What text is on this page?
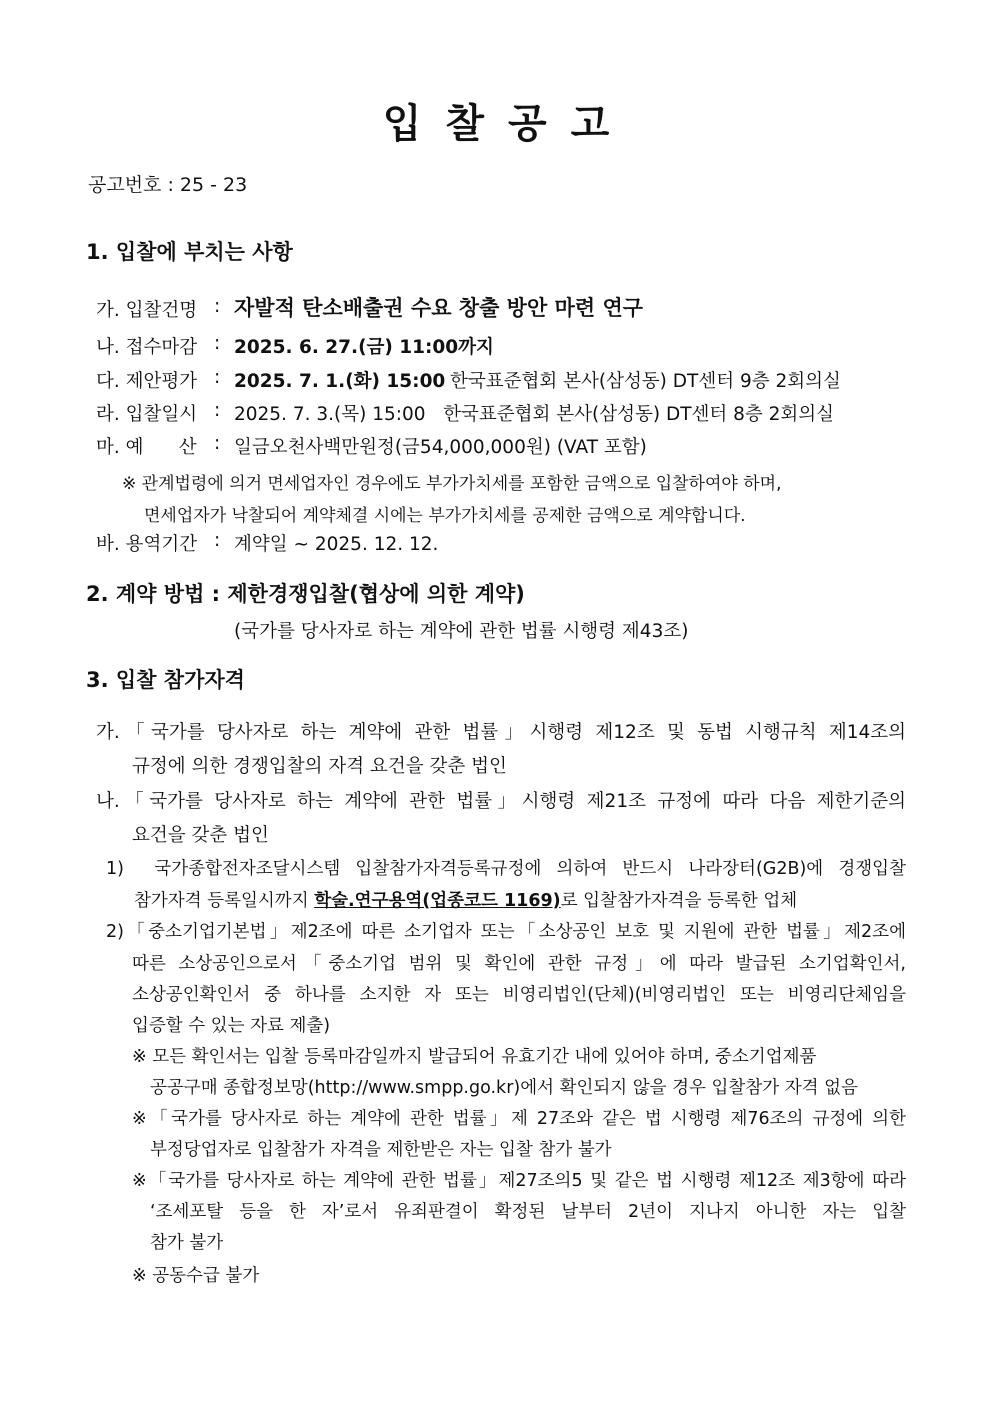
입 찰 공 고
공고번호 : 25 - 23
1. 입찰에 부치는 사항
가. 입찰건명 : 자발적 탄소배출권 수요 창출 방안 마련 연구
나. 접수마감 : 2025. 6. 27.(금) 11:00까지
다. 제안평가 : 2025. 7. 1.(화) 15:00 한국표준협회 본사(삼성동) DT센터 9층 2회의실
라. 입찰일시 : 2025. 7. 3.(목) 15:00   한국표준협회 본사(삼성동) DT센터 8층 2회의실
마. 예      산 : 일금오천사백만원정(금54,000,000원) (VAT 포함)
※ 관계법령에 의거 면세업자인 경우에도 부가가치세를 포함한 금액으로 입찰하여야 하며,
면세업자가 낙찰되어 계약체결 시에는 부가가치세를 공제한 금액으로 계약합니다.
바. 용역기간 : 계약일 ~ 2025. 12. 12.
2. 계약 방법 : 제한경쟁입찰(협상에 의한 계약)
(국가를 당사자로 하는 계약에 관한 법률 시행령 제43조)
3. 입찰 참가자격
가.「국가를 당사자로 하는 계약에 관한 법률」시행령 제12조 및 동법 시행규칙 제14조의
규정에 의한 경쟁입찰의 자격 요건을 갖춘 법인
나.「국가를 당사자로 하는 계약에 관한 법률」시행령 제21조 규정에 따라 다음 제한기준의
요건을 갖춘 법인
1)  국가종합전자조달시스템 입찰참가자격등록규정에 의하여 반드시 나라장터(G2B)에 경쟁입찰
참가자격 등록일시까지 학술.연구용역(업종코드 1169)로 입찰참가자격을 등록한 업체
2)「중소기업기본법」제2조에 따른 소기업자 또는「소상공인 보호 및 지원에 관한 법률」제2조에
따른 소상공인으로서「중소기업 범위 및 확인에 관한 규정」에 따라 발급된 소기업확인서,
소상공인확인서 중 하나를 소지한 자 또는 비영리법인(단체)(비영리법인 또는 비영리단체임을
입증할 수 있는 자료 제출)
※ 모든 확인서는 입찰 등록마감일까지 발급되어 유효기간 내에 있어야 하며, 중소기업제품
공공구매 종합정보망(http://www.smpp.go.kr)에서 확인되지 않을 경우 입찰참가 자격 없음
※「국가를 당사자로 하는 계약에 관한 법률」제 27조와 같은 법 시행령 제76조의 규정에 의한
부정당업자로 입찰참가 자격을 제한받은 자는 입찰 참가 불가
※「국가를 당사자로 하는 계약에 관한 법률」제27조의5 및 같은 법 시행령 제12조 제3항에 따라
‘조세포탈 등을 한 자’로서 유죄판결이 확정된 날부터 2년이 지나지 아니한 자는 입찰
참가 불가
※ 공동수급 불가
